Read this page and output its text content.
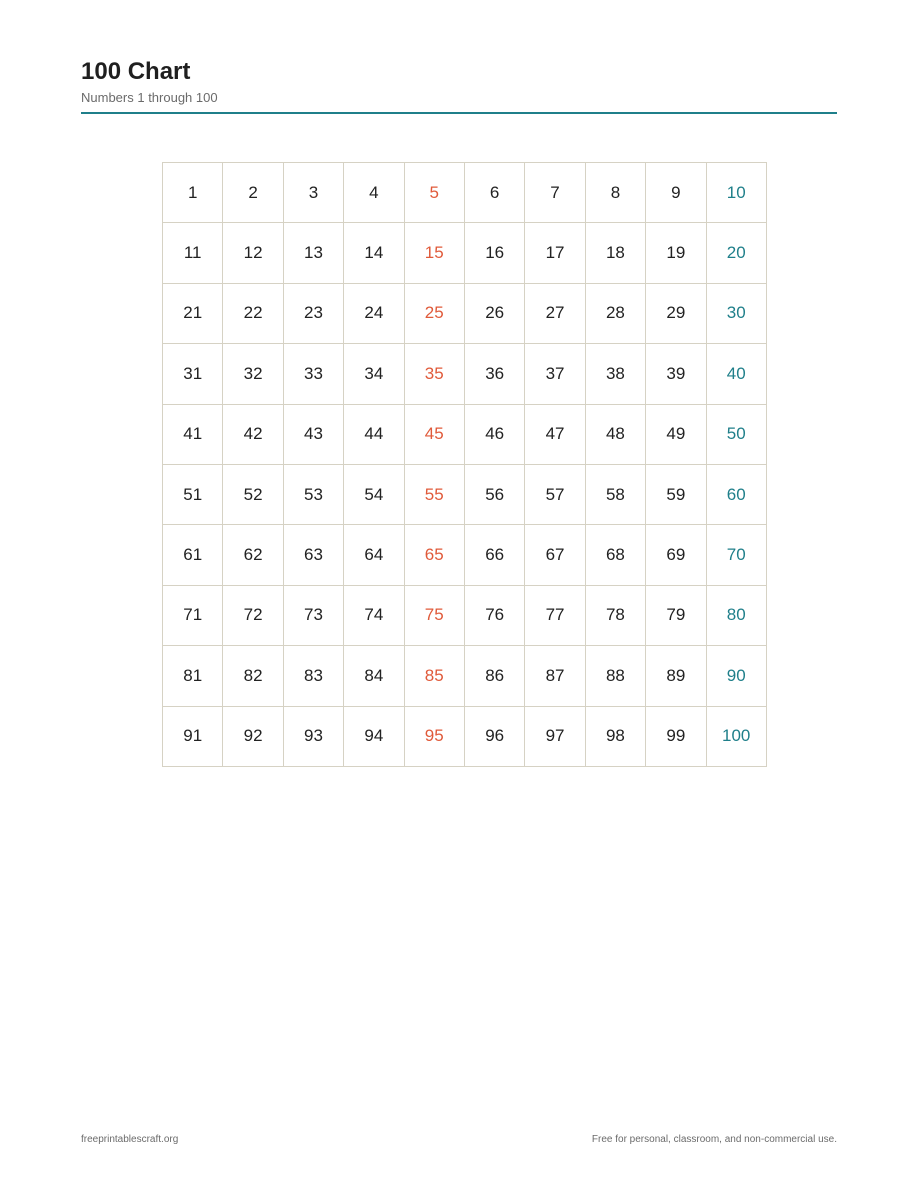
100 Chart
Numbers 1 through 100
1	2	3	4	5	6	7	8	9	10
11	12	13	14	15	16	17	18	19	20
21	22	23	24	25	26	27	28	29	30
31	32	33	34	35	36	37	38	39	40
41	42	43	44	45	46	47	48	49	50
51	52	53	54	55	56	57	58	59	60
61	62	63	64	65	66	67	68	69	70
71	72	73	74	75	76	77	78	79	80
81	82	83	84	85	86	87	88	89	90
91	92	93	94	95	96	97	98	99	100
freeprintablescraft.org	Free for personal, classroom, and non-commercial use.
